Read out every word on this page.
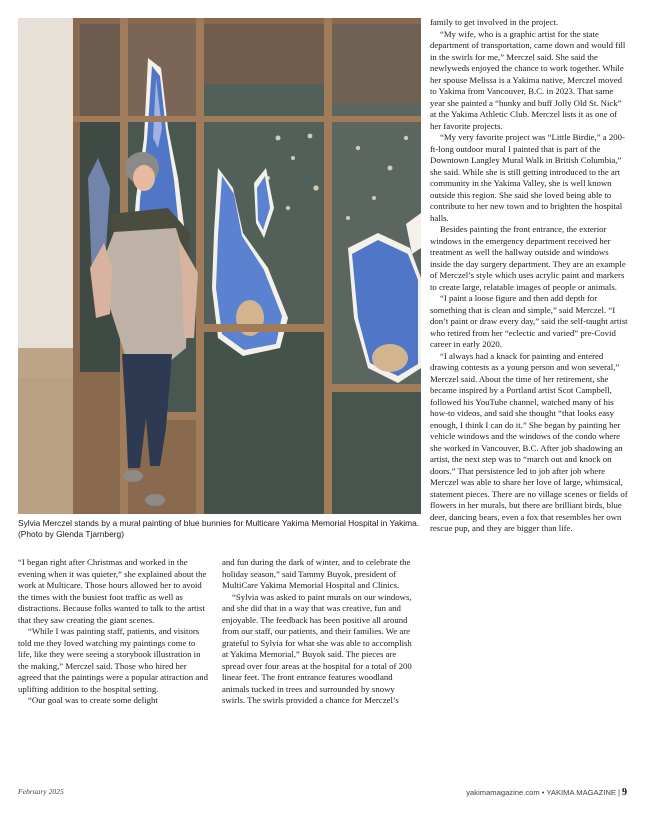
Sylvia Merczel stands by a mural painting of blue bunnies for Multicare Yakima Memorial Hospital in Yakima. (Photo by Glenda Tjarnberg)

“I began right after Christmas and worked in the evening when it was quieter,” she explained about the work at Multicare. Those hours allowed her to avoid the times with the busiest foot traffic as well as distractions. Because folks wanted to talk to the artist that they saw creating the giant scenes.

“While I was painting staff, patients, and visitors told me they loved watching my paintings come to life, like they were seeing a storybook illustration in the making,” Merczel said. Those who hired her agreed that the paintings were a popular attraction and uplifting addition to the hospital setting.

“Our goal was to create some delight

and fun during the dark of winter, and to celebrate the holiday season,” said Tammy Buyok, president of MultiCare Yakima Memorial Hospital and Clinics.

“Sylvia was asked to paint murals on our windows, and she did that in a way that was creative, fun and enjoyable. The feedback has been positive all around from our staff, our patients, and their families. We are grateful to Sylvia for what she was able to accomplish at Yakima Memorial,” Buyok said. The pieces are spread over four areas at the hospital for a total of 200 linear feet. The front entrance features woodland animals tucked in trees and surrounded by snowy swirls. The swirls provided a chance for Merczel’s

family to get involved in the project.

“My wife, who is a graphic artist for the state department of transportation, came down and would fill in the swirls for me,” Merczel said. She said the newlyweds enjoyed the chance to work together. While her spouse Melissa is a Yakima native, Merczel moved to Yakima from Vancouver, B.C. in 2023. That same year she painted a “hunky and buff Jolly Old St. Nick” at the Yakima Athletic Club. Merczel lists it as one of her favorite projects.

“My very favorite project was “Little Birdie,” a 200-ft-long outdoor mural I painted that is part of the Downtown Langley Mural Walk in British Columbia,” she said. While she is still getting introduced to the art community in the Yakima Valley, she is well known outside this region. She said she loved being able to contribute to her new town and to brighten the hospital halls.

Besides painting the front entrance, the exterior windows in the emergency department received her treatment as well the hallway outside and windows inside the day surgery department. They are an example of Merczel’s style which uses acrylic paint and markers to create large, relatable images of people or animals.

“I paint a loose figure and then add depth for something that is clean and simple,” said Merczel. “I don’t paint or draw every day,” said the self-taught artist who retired from her “eclectic and varied” pre-Covid career in early 2020.

“I always had a knack for painting and entered drawing contests as a young person and won several,” Merczel said. About the time of her retirement, she became inspired by a Portland artist Scot Campbell, followed his YouTube channel, watched many of his how-to videos, and said she thought “that looks easy enough, I think I can do it.” She began by painting her vehicle windows and the windows of the condo where she worked in Vancouver, B.C. After job shadowing an artist, the next step was to “march out and knock on doors.” That persistence led to job after job where Merczel was able to share her love of large, whimsical, statement pieces. There are no village scenes or fields of flowers in her murals, but there are brilliant birds, blue deer, dancing bears, even a fox that resembles her own rescue pup, and they are bigger than life.

February 2025	yakimamagazine.com • YAKIMA MAGAZINE | 9
